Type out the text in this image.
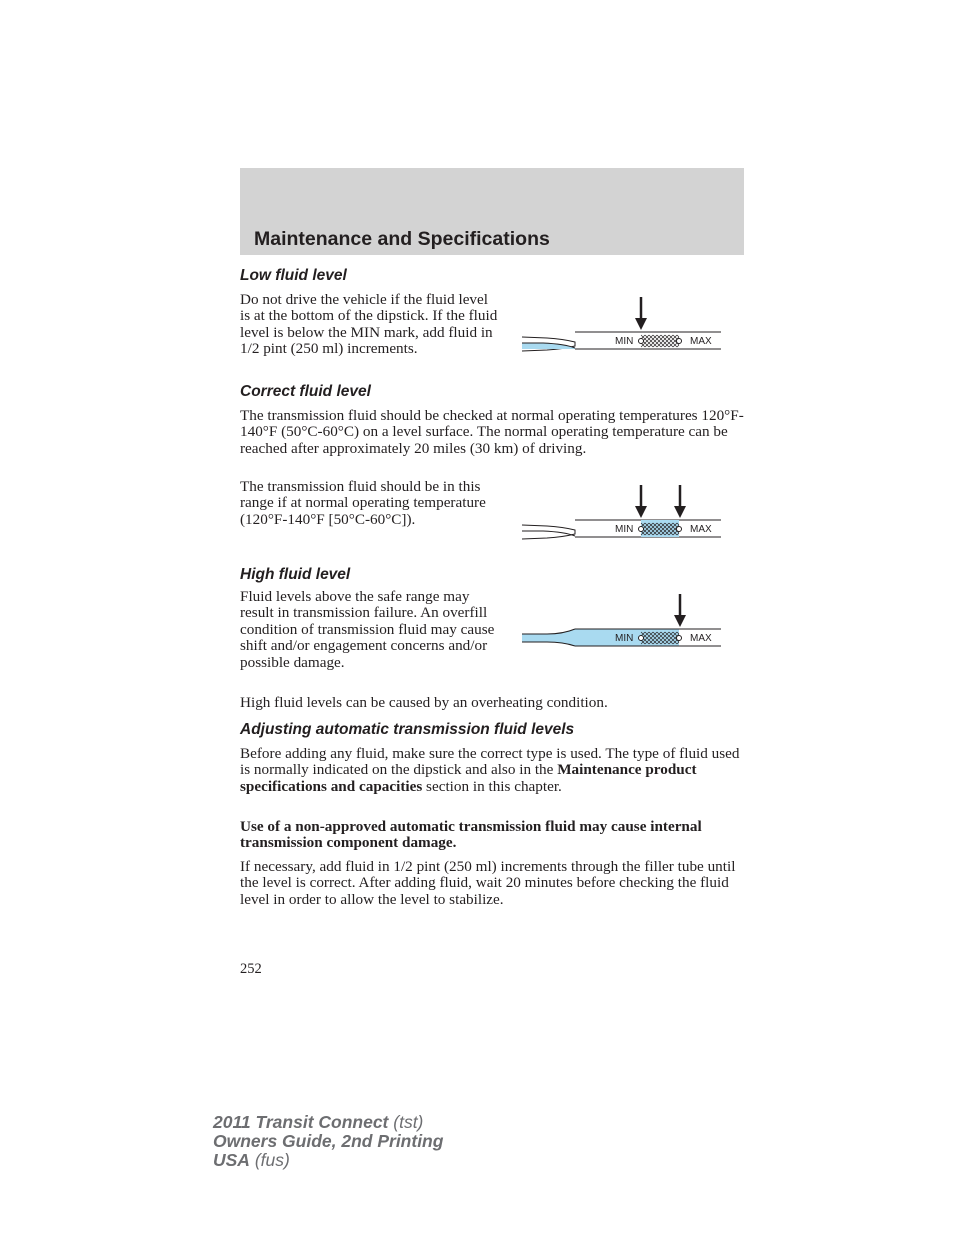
Maintenance and Specifications
Low fluid level

Do not drive the vehicle if the fluid level is at the bottom of the dipstick. If the fluid level is below the MIN mark, add fluid in 1/2 pint (250 ml) increments.	MIN	MAX
Correct fluid level

The transmission fluid should be checked at normal operating temperatures 120°F-140°F (50°C-60°C) on a level surface. The normal operating temperature can be reached after approximately 20 miles (30 km) of driving.

The transmission fluid should be in this range if at normal operating temperature (120°F-140°F [50°C-60°C]).

MIN	MAX
High fluid level

Fluid levels above the safe range may result in transmission failure. An overfill condition of transmission fluid may cause shift and/or engagement concerns and/or possible damage.

MIN	MAX

High fluid levels can be caused by an overheating condition.

Adjusting automatic transmission fluid levels

Before adding any fluid, make sure the correct type is used. The type of fluid used is normally indicated on the dipstick and also in the Maintenance product specifications and capacities section in this chapter.

Use of a non-approved automatic transmission fluid may cause internal transmission component damage.

If necessary, add fluid in 1/2 pint (250 ml) increments through the filler tube until the level is correct. After adding fluid, wait 20 minutes before checking the fluid level in order to allow the level to stabilize.

252

2011 Transit Connect (tst)
Owners Guide, 2nd Printing
USA (fus)
